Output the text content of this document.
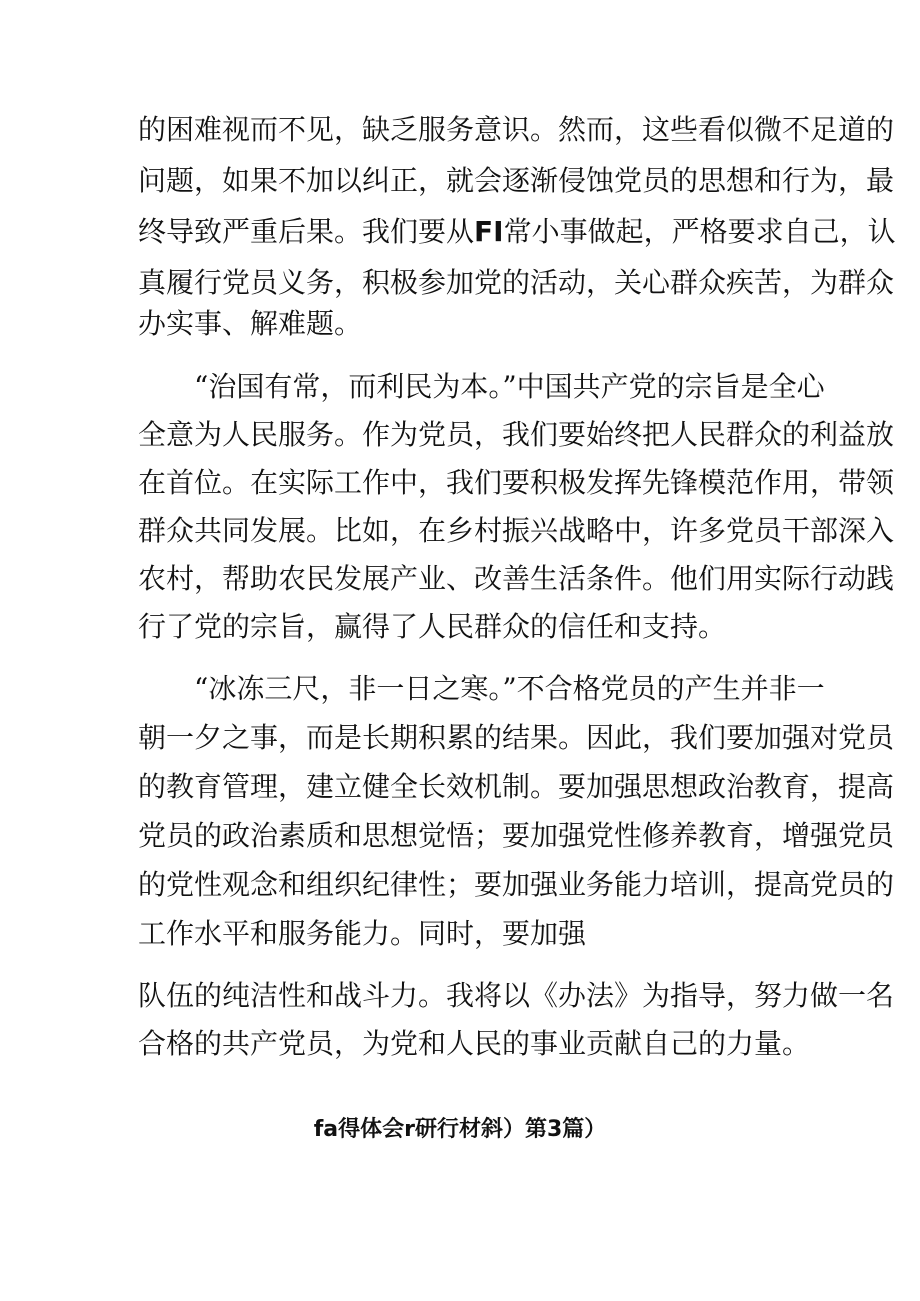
的困难视而不见，缺乏服务意识。然而，这些看似微不足道的
问题，如果不加以纠正，就会逐渐侵蚀党员的思想和行为，最
终导致严重后果。我们要从FI常小事做起，严格要求自己，认
真履行党员义务，积极参加党的活动，关心群众疾苦，为群众
办实事、解难题。
“治国有常，而利民为本。”中国共产党的宗旨是全心
全意为人民服务。作为党员，我们要始终把人民群众的利益放
在首位。在实际工作中，我们要积极发挥先锋模范作用，带领
群众共同发展。比如，在乡村振兴战略中，许多党员干部深入
农村，帮助农民发展产业、改善生活条件。他们用实际行动践
行了党的宗旨，赢得了人民群众的信任和支持。
“冰冻三尺，非一日之寒。”不合格党员的产生并非一
朝一夕之事，而是长期积累的结果。因此，我们要加强对党员
的教育管理，建立健全长效机制。要加强思想政治教育，提高
党员的政治素质和思想觉悟；要加强党性修养教育，增强党员
的党性观念和组织纪律性；要加强业务能力培训，提高党员的
工作水平和服务能力。同时，要加强
队伍的纯洁性和战斗力。我将以《办法》为指导，努力做一名
合格的共产党员，为党和人民的事业贡献自己的力量。
fa得体会r研行材斜）第3篇）
